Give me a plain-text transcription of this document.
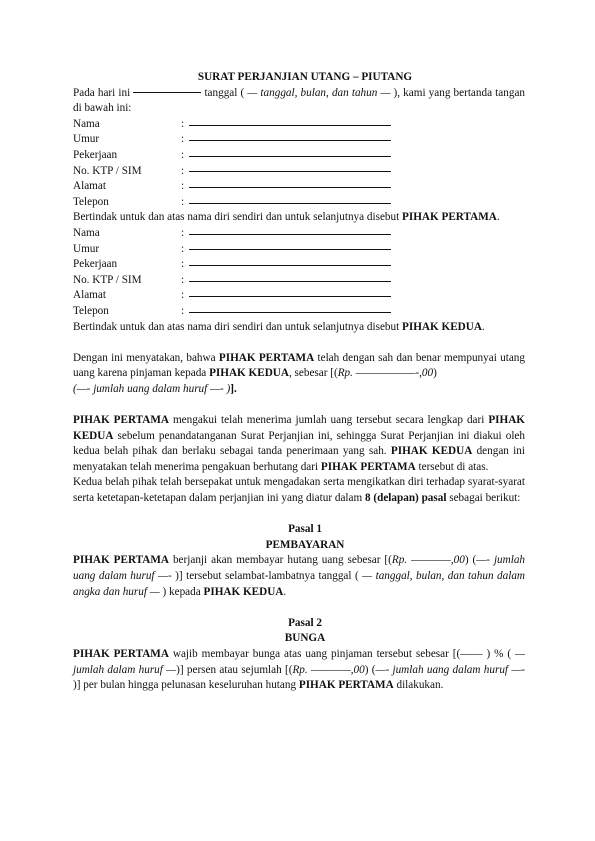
SURAT PERJANJIAN UTANG – PIUTANG

Pada hari ini	tanggal ( — tanggal, bulan, dan tahun — ), kami yang bertanda tangan di bawah ini:

Nama	:
Umur	:
Pekerjaan	:
No. KTP / SIM	:
Alamat	:
Telepon	:

Bertindak untuk dan atas nama diri sendiri dan untuk selanjutnya disebut PIHAK PERTAMA.

Nama	:
Umur	:
Pekerjaan	:
No. KTP / SIM	:
Alamat	:
Telepon	:

Bertindak untuk dan atas nama diri sendiri dan untuk selanjutnya disebut PIHAK KEDUA.

Dengan ini menyatakan, bahwa PIHAK PERTAMA telah dengan sah dan benar mempunyai utang uang karena pinjaman kepada PIHAK KEDUA, sebesar [(Rp. ——————-,00)
(—- jumlah uang dalam huruf —- )].

PIHAK PERTAMA mengakui telah menerima jumlah uang tersebut secara lengkap dari PIHAK KEDUA sebelum penandatanganan Surat Perjanjian ini, sehingga Surat Perjanjian ini diakui oleh kedua belah pihak dan berlaku sebagai tanda penerimaan yang sah. PIHAK KEDUA dengan ini menyatakan telah menerima pengakuan berhutang dari PIHAK PERTAMA tersebut di atas.

Kedua belah pihak telah bersepakat untuk mengadakan serta mengikatkan diri terhadap syarat-syarat serta ketetapan-ketetapan dalam perjanjian ini yang diatur dalam 8 (delapan) pasal sebagai berikut:

Pasal 1

PEMBAYARAN

PIHAK PERTAMA berjanji akan membayar hutang uang sebesar [(Rp. ————,00) (—- jumlah uang dalam huruf —- )] tersebut selambat-lambatnya tanggal ( — tanggal, bulan, dan tahun dalam angka dan huruf — ) kepada PIHAK KEDUA.

Pasal 2

BUNGA

PIHAK PERTAMA wajib membayar bunga atas uang pinjaman tersebut sebesar [(—— ) % ( — jumlah dalam huruf —)] persen atau sejumlah [(Rp. ————,00) (—- jumlah uang dalam huruf —- )] per bulan hingga pelunasan keseluruhan hutang PIHAK PERTAMA dilakukan.
